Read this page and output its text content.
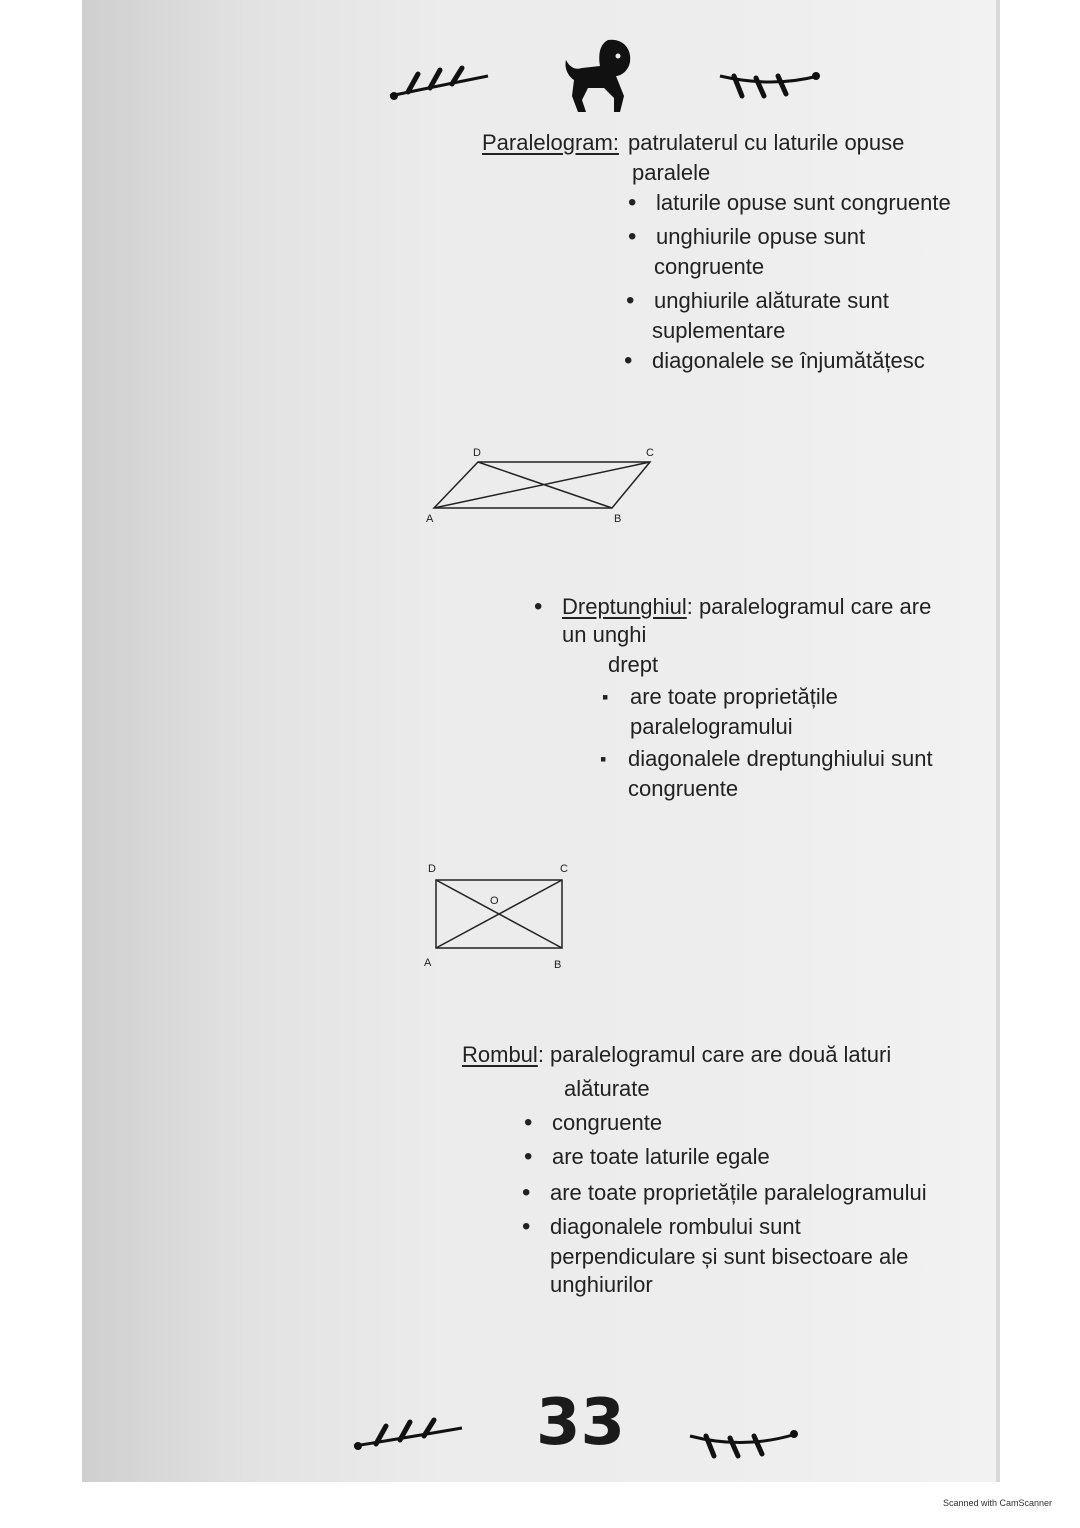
Paralelogram: patrulaterul cu laturile opuse
paralele
• laturile opuse sunt congruente
• unghiurile opuse sunt
congruente
• unghiurile alăturate sunt
suplementare
• diagonalele se înjumătățesc
D	C
A	B
• Dreptunghiul: paralelogramul care are
un unghi
drept
▪ are toate proprietățile
paralelogramului
▪ diagonalele dreptunghiului sunt
congruente
D	C
A	B
O
Rombul: paralelogramul care are două laturi
alăturate
• congruente
• are toate laturile egale
• are toate proprietățile paralelogramului
• diagonalele rombului sunt
perpendiculare și sunt bisectoare ale
unghiurilor
33
Scanned with CamScanner
